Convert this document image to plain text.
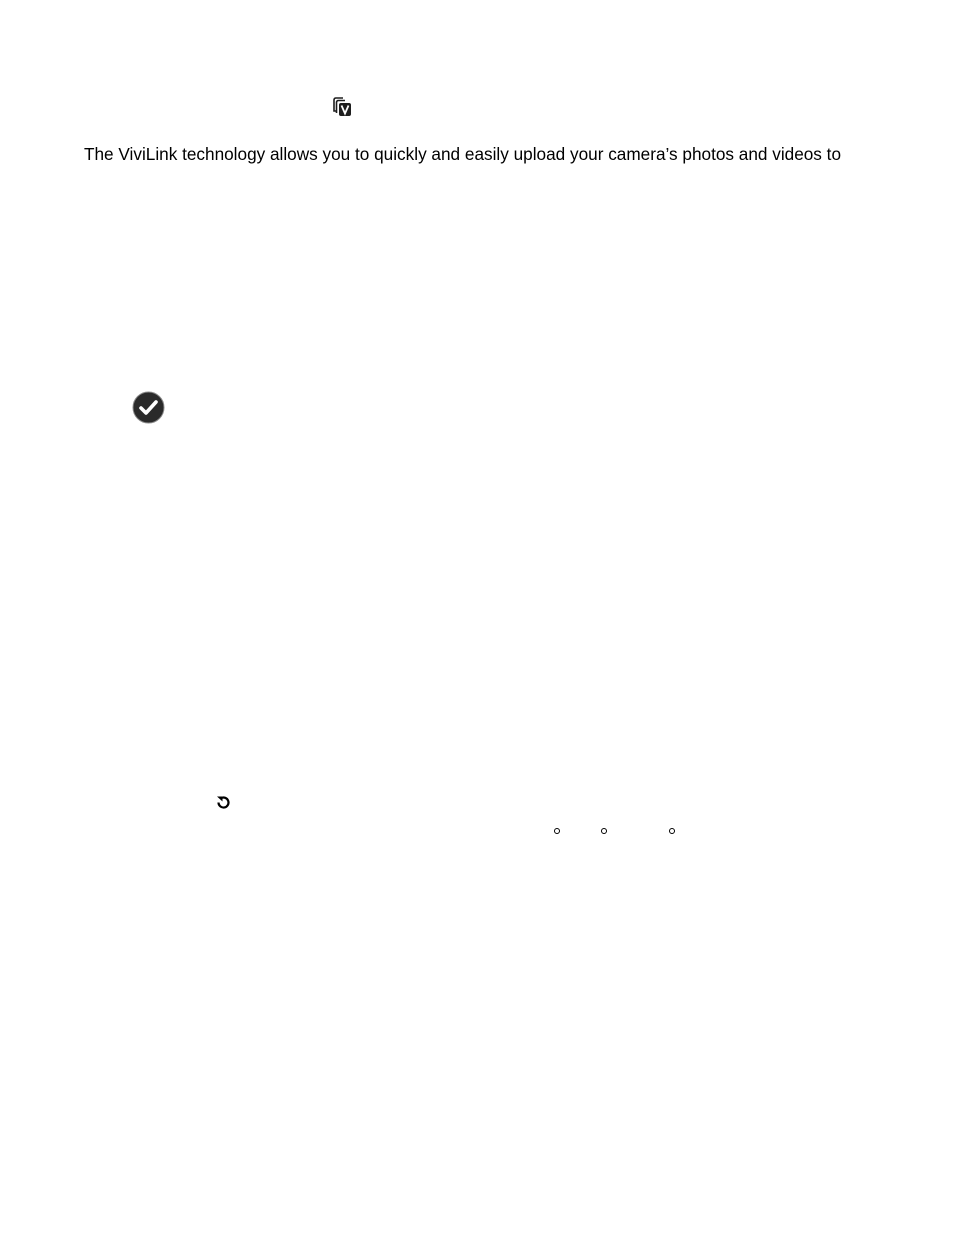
The ViviLink technology allows you to quickly and easily upload your camera’s photos and videos to
